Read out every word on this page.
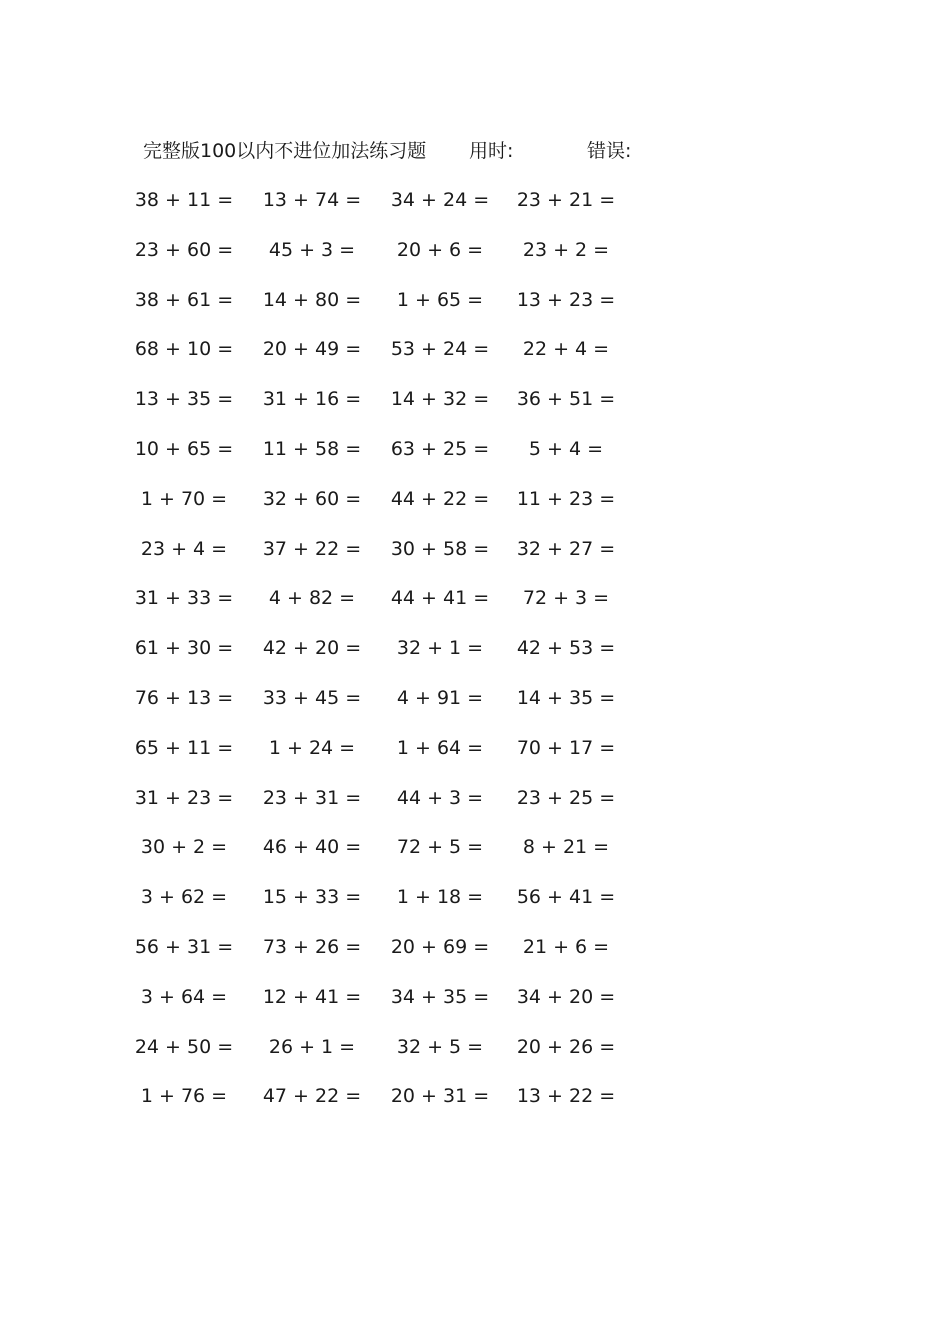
完整版100以内不进位加法练习题 用时:	错误:
38 + 11 = 13 + 74 = 34 + 24 = 23 + 21 =
23 + 60 = 45 + 3 = 20 + 6 = 23 + 2 =
38 + 61 = 14 + 80 = 1 + 65 = 13 + 23 =
68 + 10 = 20 + 49 = 53 + 24 = 22 + 4 =
13 + 35 = 31 + 16 = 14 + 32 = 36 + 51 =
10 + 65 = 11 + 58 = 63 + 25 = 5 + 4 =
1 + 70 = 32 + 60 = 44 + 22 = 11 + 23 =
23 + 4 = 37 + 22 = 30 + 58 = 32 + 27 =
31 + 33 = 4 + 82 = 44 + 41 = 72 + 3 =
61 + 30 = 42 + 20 = 32 + 1 = 42 + 53 =
76 + 13 = 33 + 45 = 4 + 91 = 14 + 35 =
65 + 11 = 1 + 24 = 1 + 64 = 70 + 17 =
31 + 23 = 23 + 31 = 44 + 3 = 23 + 25 =
30 + 2 = 46 + 40 = 72 + 5 = 8 + 21 =
3 + 62 = 15 + 33 = 1 + 18 = 56 + 41 =
56 + 31 = 73 + 26 = 20 + 69 = 21 + 6 =
3 + 64 = 12 + 41 = 34 + 35 = 34 + 20 =
24 + 50 = 26 + 1 = 32 + 5 = 20 + 26 =
1 + 76 = 47 + 22 = 20 + 31 = 13 + 22 =
